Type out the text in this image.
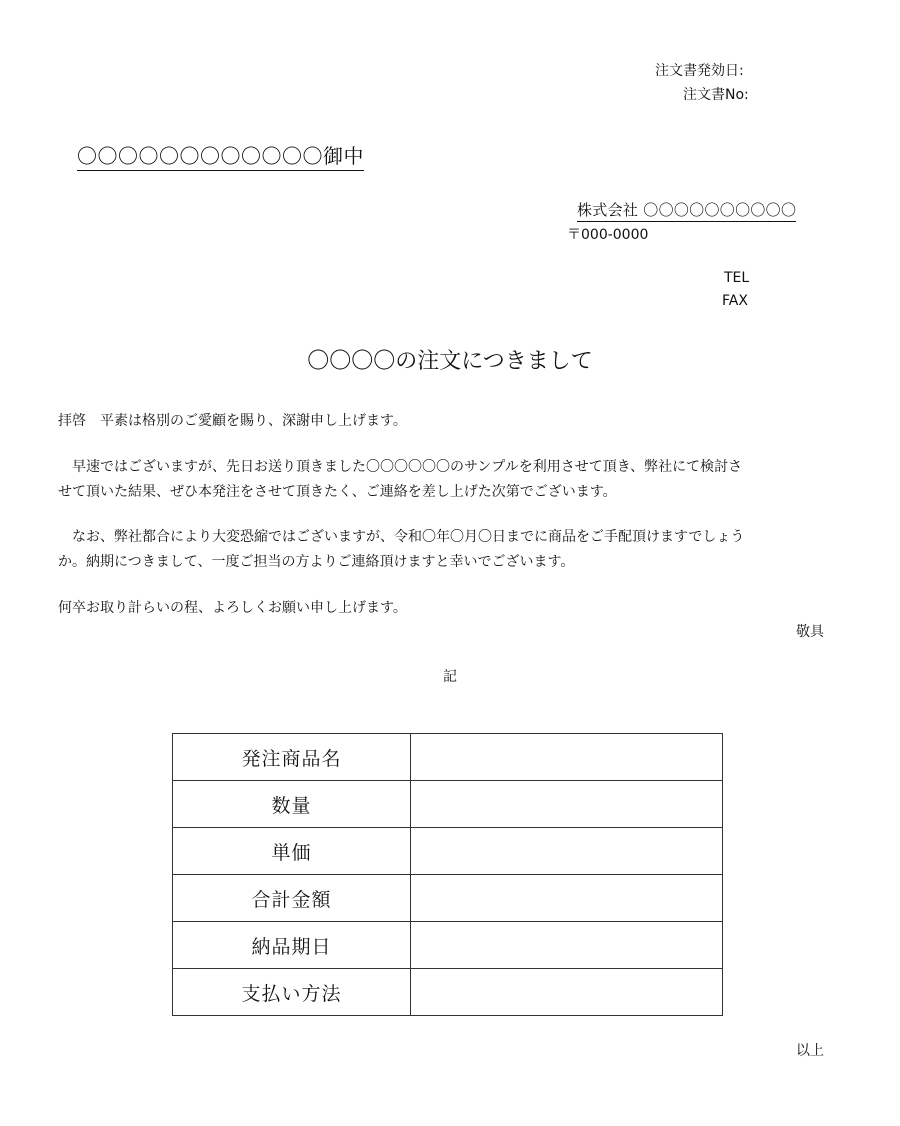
注文書発効日:
注文書No:
〇〇〇〇〇〇〇〇〇〇〇〇御中
株式会社 〇〇〇〇〇〇〇〇〇〇
〒000-0000
TEL
FAX
〇〇〇〇の注文につきまして
拝啓　平素は格別のご愛顧を賜り、深謝申し上げます。
　早速ではございますが、先日お送り頂きました〇〇〇〇〇〇のサンプルを利用させて頂き、弊社にて検討さ
せて頂いた結果、ぜひ本発注をさせて頂きたく、ご連絡を差し上げた次第でございます。
　なお、弊社都合により大変恐縮ではございますが、令和〇年〇月〇日までに商品をご手配頂けますでしょう
か。納期につきまして、一度ご担当の方よりご連絡頂けますと幸いでございます。
何卒お取り計らいの程、よろしくお願い申し上げます。
敬具
記
発注商品名	
数量	
単価	
合計金額	
納品期日	
支払い方法	
以上
